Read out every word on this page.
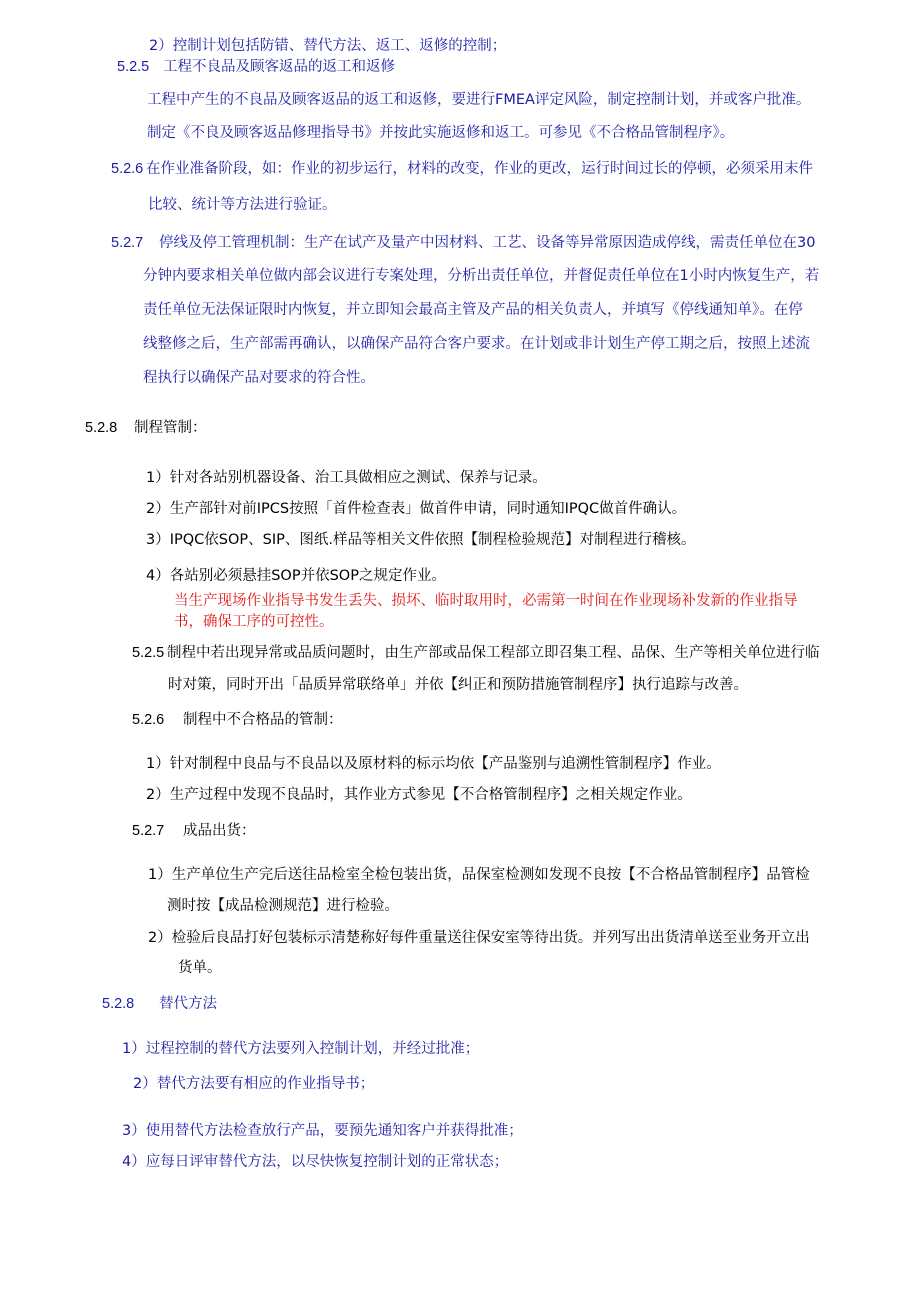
2）控制计划包括防错、替代方法、返工、返修的控制；
5.2.5 工程不良品及顾客返品的返工和返修
工程中产生的不良品及顾客返品的返工和返修，要进行FMEA评定风险，制定控制计划，并或客户批准。
制定《不良及顾客返品修理指导书》并按此实施返修和返工。可参见《不合格品管制程序》。
5.2.6 在作业准备阶段，如：作业的初步运行，材料的改变，作业的更改，运行时间过长的停顿，必须采用末件
比较、统计等方法进行验证。
5.2.7 停线及停工管理机制：生产在试产及量产中因材料、工艺、设备等异常原因造成停线，需责任单位在30
分钟内要求相关单位做内部会议进行专案处理，分析出责任单位，并督促责任单位在1小时内恢复生产，若
责任单位无法保证限时内恢复，并立即知会最高主管及产品的相关负责人，并填写《停线通知单》。在停
线整修之后，生产部需再确认，以确保产品符合客户要求。在计划或非计划生产停工期之后，按照上述流
程执行以确保产品对要求的符合性。
5.2.8 制程管制：
1）针对各站别机器设备、治工具做相应之测试、保养与记录。
2）生产部针对前IPCS按照「首件检查表」做首件申请，同时通知IPQC做首件确认。
3）IPQC依SOP、SIP、图纸.样品等相关文件依照【制程检验规范】对制程进行稽核。
4）各站别必须悬挂SOP并依SOP之规定作业。
当生产现场作业指导书发生丢失、损坏、临时取用时，必需第一时间在作业现场补发新的作业指导
书，确保工序的可控性。
5.2.5 制程中若出现异常或品质问题时，由生产部或品保工程部立即召集工程、品保、生产等相关单位进行临
时对策，同时开出「品质异常联络单」并依【纠正和预防措施管制程序】执行追踪与改善。
5.2.6 制程中不合格品的管制：
1）针对制程中良品与不良品以及原材料的标示均依【产品鉴别与追溯性管制程序】作业。
2）生产过程中发现不良品时，其作业方式参见【不合格管制程序】之相关规定作业。
5.2.7 成品出货：
1）生产单位生产完后送往品检室全检包装出货，品保室检测如发现不良按【不合格品管制程序】品管检
测时按【成品检测规范】进行检验。
2）检验后良品打好包装标示清楚称好每件重量送往保安室等待出货。并列写出出货清单送至业务开立出
货单。
5.2.8 替代方法
1）过程控制的替代方法要列入控制计划，并经过批准；
2）替代方法要有相应的作业指导书；
3）使用替代方法检查放行产品，要预先通知客户并获得批准；
4）应每日评审替代方法，以尽快恢复控制计划的正常状态；
